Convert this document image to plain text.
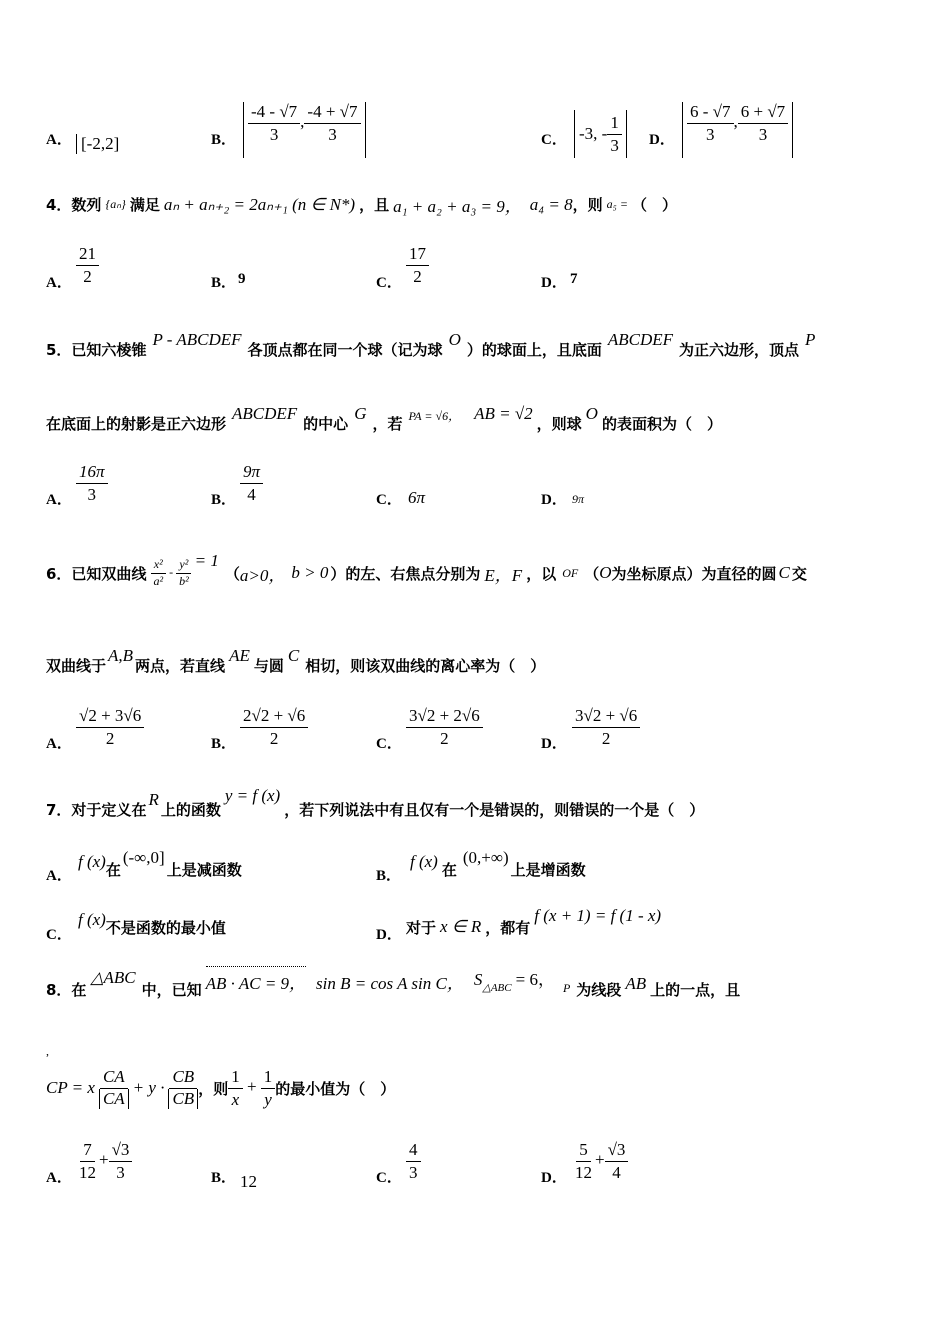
A． [-2,2]	B． $\frac{-4 - √7}{3}$ , $\frac{-4 + √7}{3}$	C． -3, - $\frac{1}{3}$ D． $\frac{6 - √7}{3}$ , $\frac{6 + √7}{3}$
4．数列 {aₙ} 满足 aₙ + aₙ₊₂ = 2aₙ₊₁ (n ∈ N*) ，且 a₁ + a₂ + a₃ = 9， a₄ = 8 ，则 a₅ = （　）
A． $\frac{21}{2}$	B． 9	C． $\frac{17}{2}$	D． 7
5．已知六棱锥
P - ABCDEF
各顶点都在同一个球（记为球
O
）的球面上，且底面
ABCDEF
为正六边形，顶点
P
在底面上的射影是正六边形
ABCDEF
的中心
G
，若 PA = √6， AB = √2
，则球
O
的表面积为（　）
A． $\frac{16\pi}{3}$	B． $\frac{9\pi}{4}$	C． 6π	D． 9π
6．已知双曲线 $\frac{\text{x²}}{\text{a²}} - \frac{\text{y²}}{\text{b²}} = 1$
（ a>0， b > 0 ）的左、右焦点分别为 E，F ，以 OF （ O 为坐标原点）为直径的圆 C 交
双曲线于
A,B
两点，若直线
AE
与圆
C
相切，则该双曲线的离心率为（　）
A． $\frac{√2 + 3√6}{2}$	B． $\frac{2√2 + √6}{2}$	C． $\frac{3√2 + 2√6}{2}$	D． $\frac{3√2 + √6}{2}$
7．对于定义在
R
上的函数
y = f (x)
，若下列说法中有且仅有一个是错误的，则错误的一个是（　）
A．
f (x) 在
(-∞,0]
上是减函数	B．
f (x) 在
(0,+∞)
上是增函数
C．
f (x) 不是函数的最小值	D． 对于 x ∈ R ，都有
f (x + 1) = f (1 - x)
8．在
△ABC
中，已知 AB · AC = 9， sin B = cos A sin C， S △ABC = 6， P 为线段 AB 上的一点，且
,
CP = x $\frac{CA}{CA} + y \cdot \frac{CB}{CB}$ ，则 $\frac{1}{x} + \frac{1}{y}$ 的最小值为（　）
A． $\frac{7}{12} + \frac{√3}{3}$	B． 12	C． $\frac{4}{3}$	D． $\frac{5}{12} + \frac{√3}{4}$
